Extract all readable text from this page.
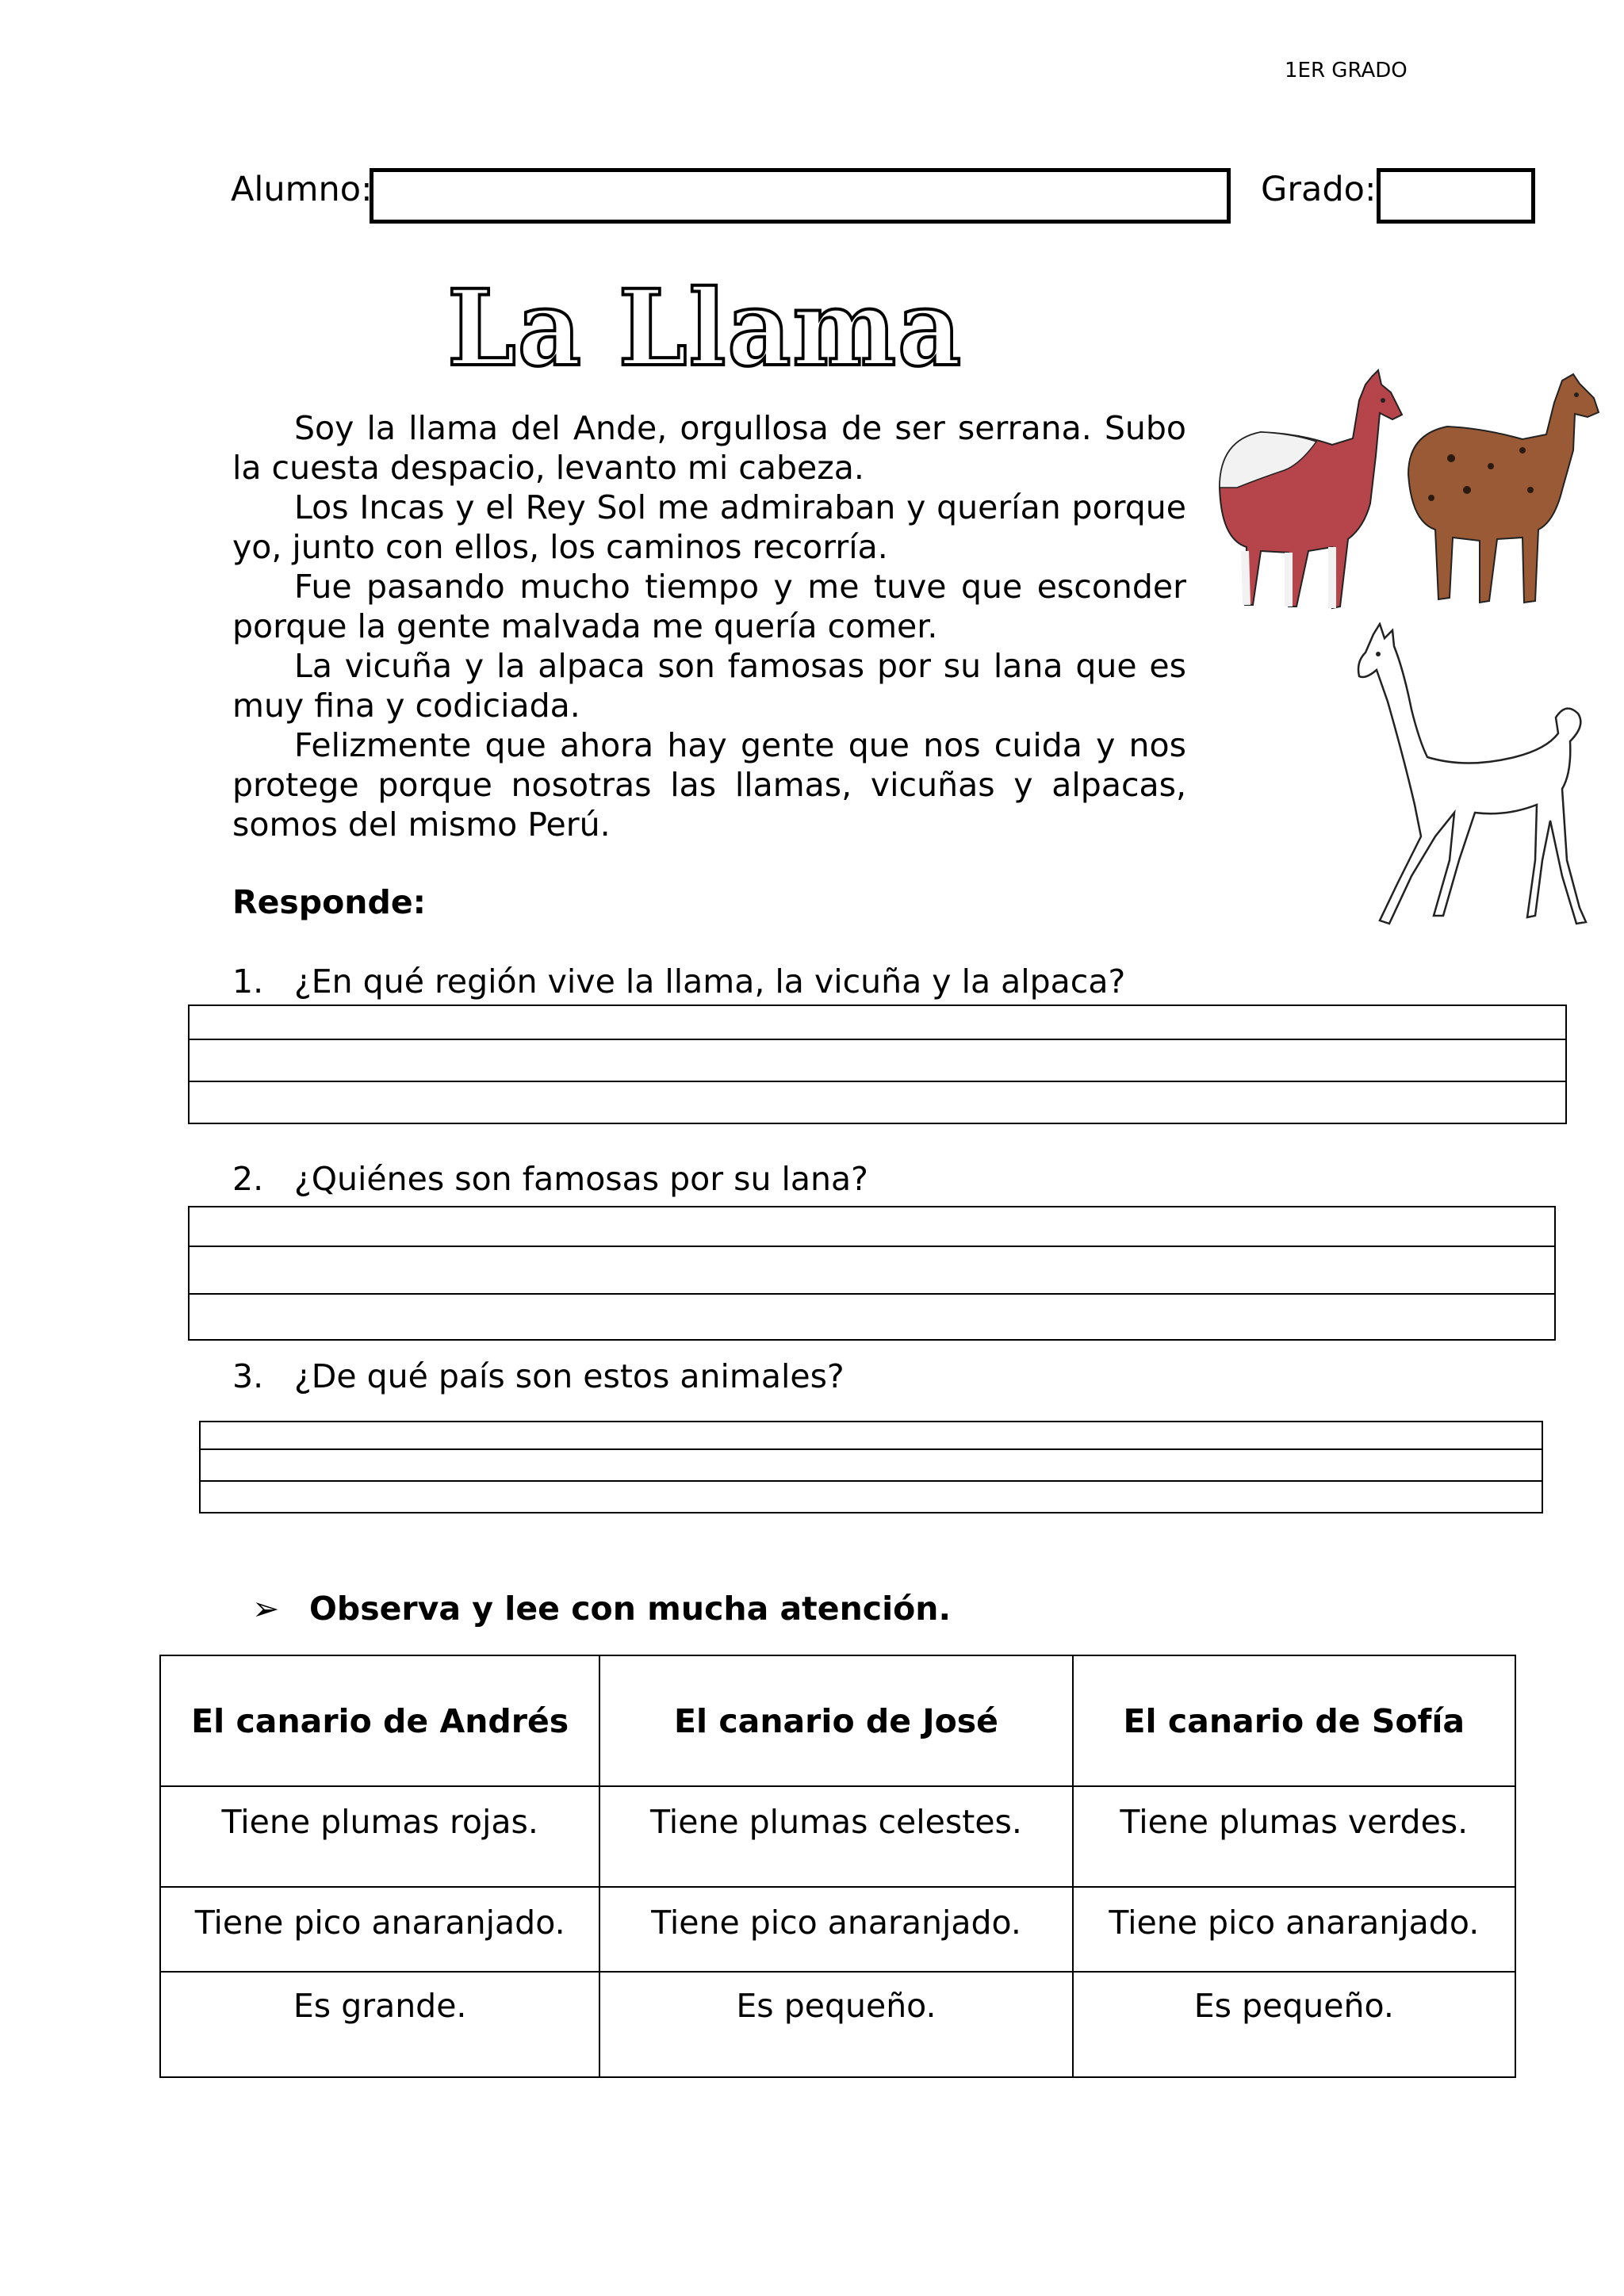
1ER GRADO
Alumno:	Grado:
La Llama

Soy la llama del Ande, orgullosa de ser serrana. Subo la cuesta despacio, levanto mi cabeza.

Los Incas y el Rey Sol me admiraban y querían porque yo, junto con ellos, los caminos recorría.

Fue pasando mucho tiempo y me tuve que esconder porque la gente malvada me quería comer.

La vicuña y la alpaca son famosas por su lana que es muy fina y codiciada.

Felizmente que ahora hay gente que nos cuida y nos protege porque nosotras las llamas, vicuñas y alpacas, somos del mismo Perú.

Responde:
1. ¿En qué región vive la llama, la vicuña y la alpaca?
2. ¿Quiénes son famosas por su lana?
3. ¿De qué país son estos animales?
➢ Observa y lee con mucha atención.
El canario de Andrés	El canario de José	El canario de Sofía
Tiene plumas rojas.	Tiene plumas celestes.	Tiene plumas verdes.
Tiene pico anaranjado.	Tiene pico anaranjado.	Tiene pico anaranjado.
Es grande.	Es pequeño.	Es pequeño.
